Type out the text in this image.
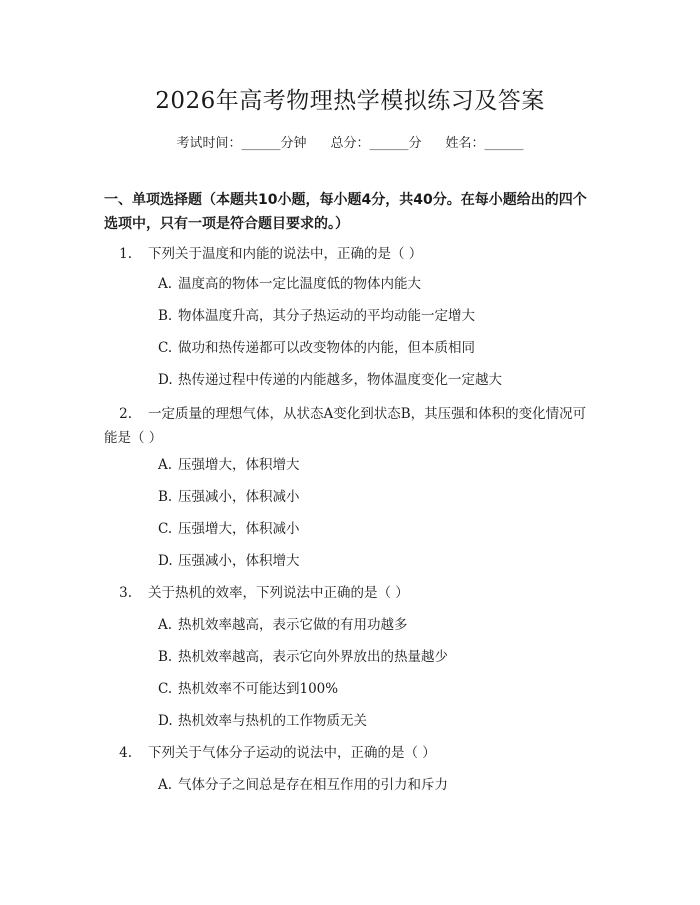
2026年高考物理热学模拟练习及答案
考试时间：______分钟 总分：______分 姓名：______
一、单项选择题（本题共10小题，每小题4分，共40分。在每小题给出的四个选项中，只有一项是符合题目要求的。）
1. 下列关于温度和内能的说法中，正确的是（ ）
A. 温度高的物体一定比温度低的物体内能大
B. 物体温度升高，其分子热运动的平均动能一定增大
C. 做功和热传递都可以改变物体的内能，但本质相同
D. 热传递过程中传递的内能越多，物体温度变化一定越大
2. 一定质量的理想气体，从状态A变化到状态B，其压强和体积的变化情况可能是（ ）
A. 压强增大，体积增大
B. 压强减小，体积减小
C. 压强增大，体积减小
D. 压强减小，体积增大
3. 关于热机的效率，下列说法中正确的是（ ）
A. 热机效率越高，表示它做的有用功越多
B. 热机效率越高，表示它向外界放出的热量越少
C. 热机效率不可能达到100%
D. 热机效率与热机的工作物质无关
4. 下列关于气体分子运动的说法中，正确的是（ ）
A. 气体分子之间总是存在相互作用的引力和斥力
